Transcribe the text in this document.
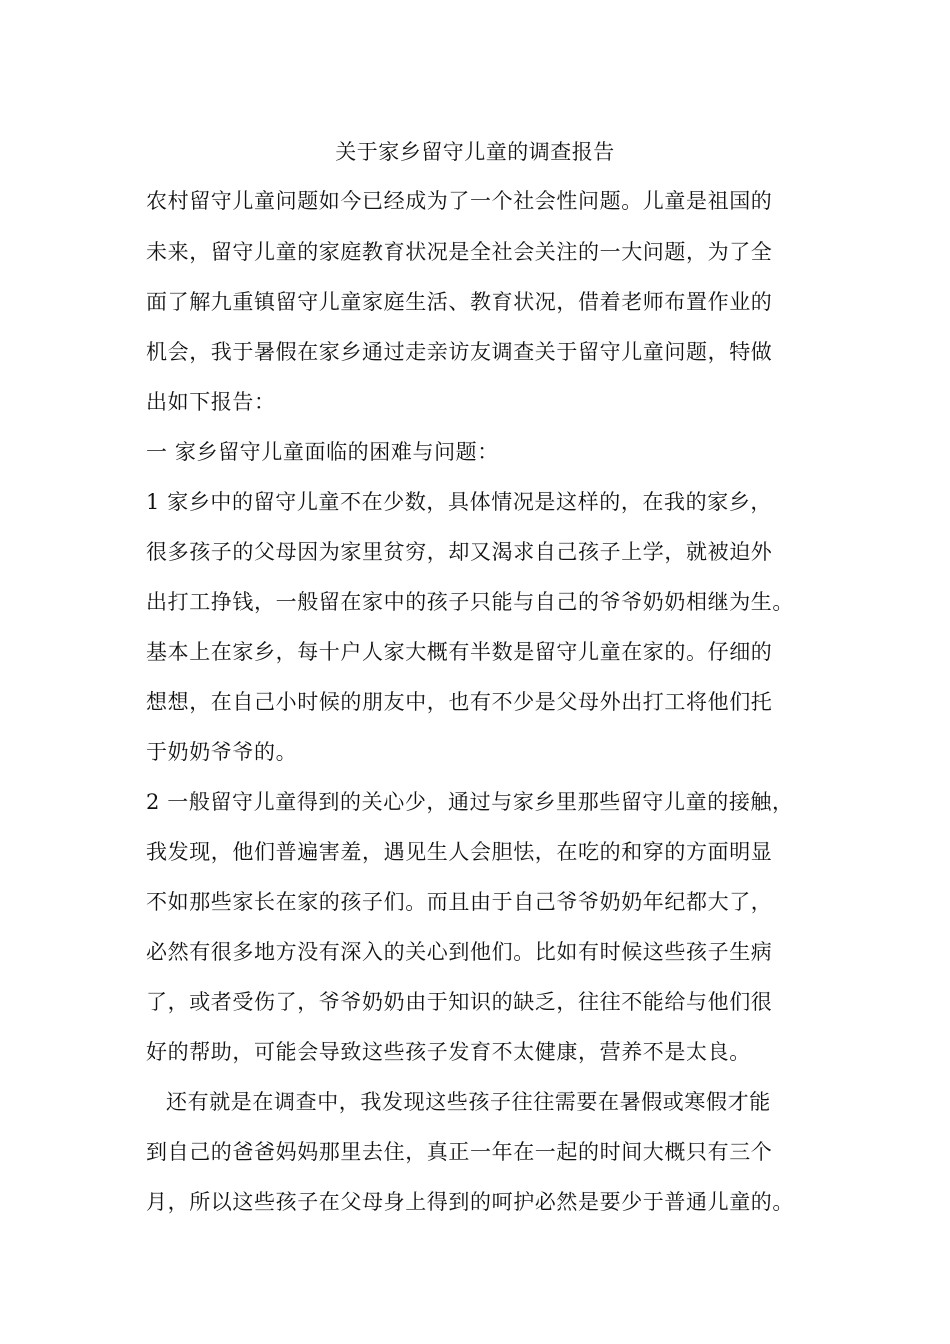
关于家乡留守儿童的调查报告
农村留守儿童问题如今已经成为了一个社会性问题。儿童是祖国的
未来，留守儿童的家庭教育状况是全社会关注的一大问题，为了全
面了解九重镇留守儿童家庭生活、教育状况，借着老师布置作业的
机会，我于暑假在家乡通过走亲访友调查关于留守儿童问题，特做
出如下报告：
一 家乡留守儿童面临的困难与问题：
1 家乡中的留守儿童不在少数，具体情况是这样的，在我的家乡，
很多孩子的父母因为家里贫穷，却又渴求自己孩子上学，就被迫外
出打工挣钱，一般留在家中的孩子只能与自己的爷爷奶奶相继为生。
基本上在家乡，每十户人家大概有半数是留守儿童在家的。仔细的
想想，在自己小时候的朋友中，也有不少是父母外出打工将他们托
于奶奶爷爷的。
2 一般留守儿童得到的关心少，通过与家乡里那些留守儿童的接触，
我发现，他们普遍害羞，遇见生人会胆怯，在吃的和穿的方面明显
不如那些家长在家的孩子们。而且由于自己爷爷奶奶年纪都大了，
必然有很多地方没有深入的关心到他们。比如有时候这些孩子生病
了，或者受伤了，爷爷奶奶由于知识的缺乏，往往不能给与他们很
好的帮助，可能会导致这些孩子发育不太健康，营养不是太良。
还有就是在调查中，我发现这些孩子往往需要在暑假或寒假才能
到自己的爸爸妈妈那里去住，真正一年在一起的时间大概只有三个
月，所以这些孩子在父母身上得到的呵护必然是要少于普通儿童的。
